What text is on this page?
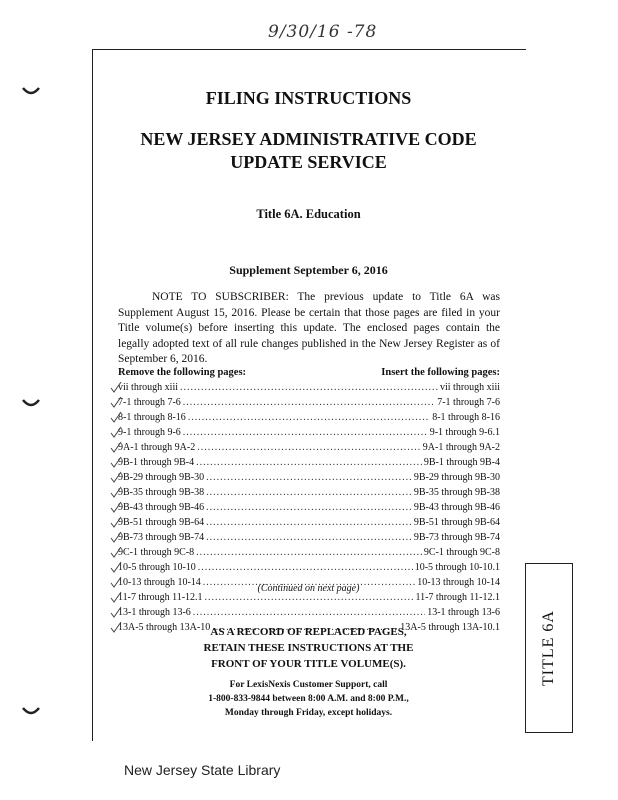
9/30/16 -78
TITLE 6A
FILING INSTRUCTIONS
NEW JERSEY ADMINISTRATIVE CODE
UPDATE SERVICE
Title 6A. Education
Supplement September 6, 2016
NOTE TO SUBSCRIBER: The previous update to Title 6A was Supplement August 15, 2016. Please be certain that those pages are filed in your Title volume(s) before inserting this update. The enclosed pages contain the legally adopted text of all rule changes published in the New Jersey Register as of September 6, 2016.
Remove the following pages:	Insert the following pages:
vii through xiii .....	vii through xiii
7-1 through 7-6 .....	7-1 through 7-6
8-1 through 8-16 .....	8-1 through 8-16
9-1 through 9-6 .....	9-1 through 9-6.1
9A-1 through 9A-2 .....	9A-1 through 9A-2
9B-1 through 9B-4 .....	9B-1 through 9B-4
9B-29 through 9B-30 .....	9B-29 through 9B-30
9B-35 through 9B-38 .....	9B-35 through 9B-38
9B-43 through 9B-46 .....	9B-43 through 9B-46
9B-51 through 9B-64 .....	9B-51 through 9B-64
9B-73 through 9B-74 .....	9B-73 through 9B-74
9C-1 through 9C-8 .....	9C-1 through 9C-8
10-5 through 10-10 .....	10-5 through 10-10.1
10-13 through 10-14 .....	10-13 through 10-14
11-7 through 11-12.1 .....	11-7 through 11-12.1
13-1 through 13-6 .....	13-1 through 13-6
13A-5 through 13A-10 .....	13A-5 through 13A-10.1
(Continued on next page)
AS A RECORD OF REPLACED PAGES,
RETAIN THESE INSTRUCTIONS AT THE
FRONT OF YOUR TITLE VOLUME(S).
For LexisNexis Customer Support, call
1-800-833-9844 between 8:00 A.M. and 8:00 P.M.,
Monday through Friday, except holidays.
New Jersey State Library
